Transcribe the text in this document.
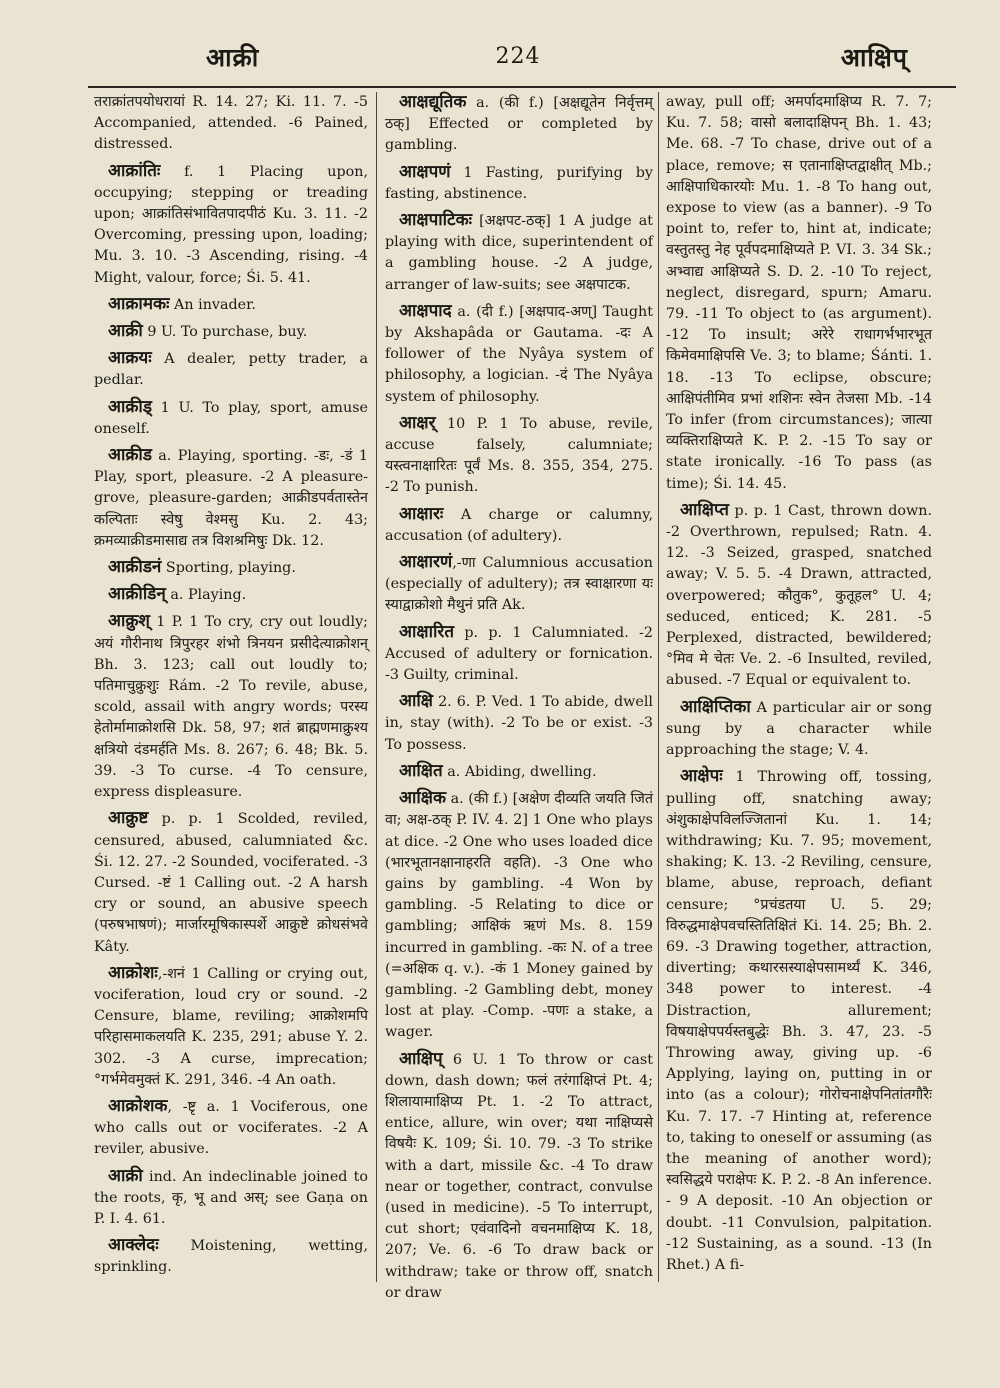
आक्री	224	आक्षिप्

तराक्रांतपयोधरायां R. 14. 27; Ki. 11. 7. -5 Accompanied, attended. -6 Pained, distressed.

आक्रांतिः f. 1 Placing upon, occupying; stepping or treading upon; आक्रांतिसंभावितपादपीठं Ku. 3. 11. -2 Overcoming, pressing upon, loading; Mu. 3. 10. -3 Ascending, rising. -4 Might, valour, force; Śi. 5. 41.

आक्रामकः An invader.

आक्री 9 U. To purchase, buy.

आक्रयः A dealer, petty trader, a pedlar.

आक्रीड् 1 U. To play, sport, amuse oneself.

आक्रीड a. Playing, sporting. -डः, -डं 1 Play, sport, pleasure. -2 A pleasure-grove, pleasure-garden; आक्रीडपर्वतास्तेन कल्पिताः स्वेषु वेश्मसु Ku. 2. 43; क्रमव्याक्रीडमासाद्य तत्र विशश्रमिषुः Dk. 12.

आक्रीडनं Sporting, playing.

आक्रीडिन् a. Playing.

आक्रुश् 1 P. 1 To cry, cry out loudly; अयं गौरीनाथ त्रिपुरहर शंभो त्रिनयन प्रसीदेत्याक्रोशन् Bh. 3. 123; call out loudly to; पतिमाचुक्रुशुः Rám. -2 To revile, abuse, scold, assail with angry words; परस्य हेतोर्मामाक्रोशसि Dk. 58, 97; शतं ब्राह्मणमाक्रुश्य क्षत्रियो दंडमर्हति Ms. 8. 267; 6. 48; Bk. 5. 39. -3 To curse. -4 To censure, express displeasure.

आक्रुष्ट p. p. 1 Scolded, reviled, censured, abused, calumniated &c. Śi. 12. 27. -2 Sounded, vociferated. -3 Cursed. -ष्टं 1 Calling out. -2 A harsh cry or sound, an abusive speech (परुषभाषणं); मार्जारमूषिकास्पर्शे आक्रुष्टे क्रोधसंभवे Kâty.

आक्रोशः,-शनं 1 Calling or crying out, vociferation, loud cry or sound. -2 Censure, blame, reviling; आक्रोशमपि परिहासमाकलयति K. 235, 291; abuse Y. 2. 302. -3 A curse, imprecation; °गर्भमेवमुक्तं K. 291, 346. -4 An oath.

आक्रोशक, -ष्टृ a. 1 Vociferous, one who calls out or vociferates. -2 A reviler, abusive.

आक्री ind. An indeclinable joined to the roots, कृ, भू and अस्; see Gaṇa on P. I. 4. 61.

आक्लेदः Moistening, wetting, sprinkling.

आक्षद्यूतिक a. (की f.) [अक्षद्यूतेन निर्वृत्तम् ठक्] Effected or completed by gambling.

आक्षपणं 1 Fasting, purifying by fasting, abstinence.

आक्षपाटिकः [अक्षपट-ठक्] 1 A judge at playing with dice, superintendent of a gambling house. -2 A judge, arranger of law-suits; see अक्षपाटक.

आक्षपाद a. (दी f.) [अक्षपाद-अण्] Taught by Akshapâda or Gautama. -दः A follower of the Nyâya system of philosophy, a logician. -दं The Nyâya system of philosophy.

आक्षर् 10 P. 1 To abuse, revile, accuse falsely, calumniate; यस्त्वनाक्षारितः पूर्वं Ms. 8. 355, 354, 275. -2 To punish.

आक्षारः A charge or calumny, accusation (of adultery).

आक्षारणं,-णा Calumnious accusation (especially of adultery); तत्र स्वाक्षारणा यः स्याद्वाक्रोशो मैथुनं प्रति Ak.

आक्षारित p. p. 1 Calumniated. -2 Accused of adultery or fornication. -3 Guilty, criminal.

आक्षि 2. 6. P. Ved. 1 To abide, dwell in, stay (with). -2 To be or exist. -3 To possess.

आक्षित a. Abiding, dwelling.

आक्षिक a. (की f.) [अक्षेण दीव्यति जयति जितं वा; अक्ष-ठक् P. IV. 4. 2] 1 One who plays at dice. -2 One who uses loaded dice (भारभूतानक्षानाहरति वहति). -3 One who gains by gambling. -4 Won by gambling. -5 Relating to dice or gambling; आक्षिकं ऋणं Ms. 8. 159 incurred in gambling. -कः N. of a tree (=अक्षिक q. v.). -कं 1 Money gained by gambling. -2 Gambling debt, money lost at play. -Comp. -पणः a stake, a wager.

आक्षिप् 6 U. 1 To throw or cast down, dash down; फलं तरंगाक्षिप्तं Pt. 4; शिलायामाक्षिप्य Pt. 1. -2 To attract, entice, allure, win over; यथा नाक्षिप्यसे विषयैः K. 109; Śi. 10. 79. -3 To strike with a dart, missile &c. -4 To draw near or together, contract, convulse (used in medicine). -5 To interrupt, cut short; एवंवादिनो वचनमाक्षिप्य K. 18, 207; Ve. 6. -6 To draw back or withdraw; take or throw off, snatch or draw

away, pull off; अमर्पादमाक्षिप्य R. 7. 7; Ku. 7. 58; वासो बलादाक्षिपन् Bh. 1. 43; Me. 68. -7 To chase, drive out of a place, remove; स एतानाक्षिप्तद्वाक्षीत् Mb.; आक्षिपाधिकारयोः Mu. 1. -8 To hang out, expose to view (as a banner). -9 To point to, refer to, hint at, indicate; वस्तुतस्तु नेह पूर्वपदमाक्षिप्यते P. VI. 3. 34 Sk.; अभ्वाद्य आक्षिप्यते S. D. 2. -10 To reject, neglect, disregard, spurn; Amaru. 79. -11 To object to (as argument). -12 To insult; अरेरे राधागर्भभारभूत किमेवमाक्षिपसि Ve. 3; to blame; Śánti. 1. 18. -13 To eclipse, obscure; आक्षिपंतीमिव प्रभां शशिनः स्वेन तेजसा Mb. -14 To infer (from circumstances); जात्या व्यक्तिराक्षिप्यते K. P. 2. -15 To say or state ironically. -16 To pass (as time); Śi. 14. 45.

आक्षिप्त p. p. 1 Cast, thrown down. -2 Overthrown, repulsed; Ratn. 4. 12. -3 Seized, grasped, snatched away; V. 5. 5. -4 Drawn, attracted, overpowered; कौतुक°, कुतूहल° U. 4; seduced, enticed; K. 281. -5 Perplexed, distracted, bewildered; °मिव मे चेतः Ve. 2. -6 Insulted, reviled, abused. -7 Equal or equivalent to.

आक्षिप्तिका A particular air or song sung by a character while approaching the stage; V. 4.

आक्षेपः 1 Throwing off, tossing, pulling off, snatching away; अंशुकाक्षेपविलज्जितानां Ku. 1. 14; withdrawing; Ku. 7. 95; movement, shaking; K. 13. -2 Reviling, censure, blame, abuse, reproach, defiant censure; °प्रचंडतया U. 5. 29; विरुद्धमाक्षेपवचस्तितिक्षितं Ki. 14. 25; Bh. 2. 69. -3 Drawing together, attraction, diverting; कथारसस्याक्षेपसामर्थ्यं K. 346, 348 power to interest. -4 Distraction, allurement; विषयाक्षेपपर्यस्तबुद्धेः Bh. 3. 47, 23. -5 Throwing away, giving up. -6 Applying, laying on, putting in or into (as a colour); गोरोचनाक्षेपनितांतगौरैः Ku. 7. 17. -7 Hinting at, reference to, taking to oneself or assuming (as the meaning of another word); स्वसिद्धये पराक्षेपः K. P. 2. -8 An inference. - 9 A deposit. -10 An objection or doubt. -11 Convulsion, palpitation. -12 Sustaining, as a sound. -13 (In Rhet.) A fi-
